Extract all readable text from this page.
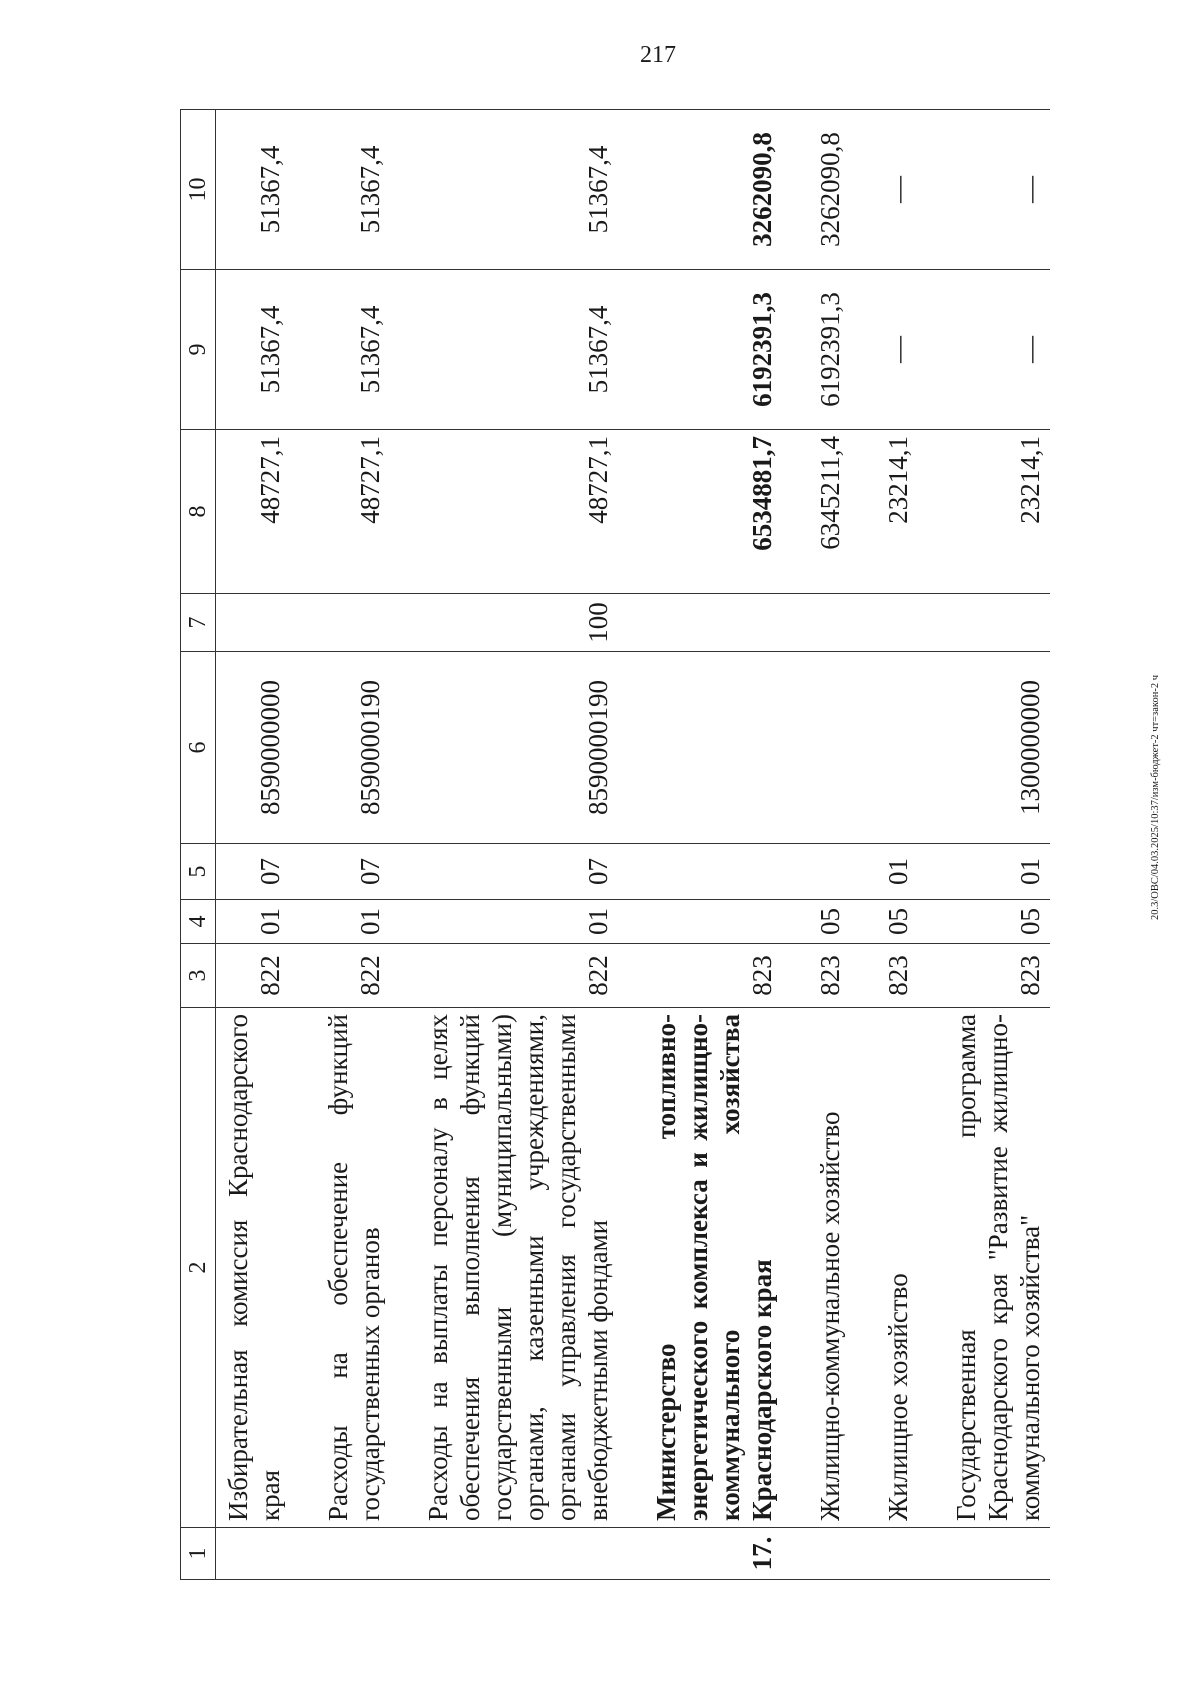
217
20.3/ОВС/04.03.2025/10:37/изм-бюджет-2 чт=закон-2 ч
1	2	3	4	5	6	7	8	9	10
	Избирательная комиссия Краснодарского края	822	01	07	8590000000		48727,1	51367,4	51367,4

	Расходы на обеспечение функций государственных органов	822	01	07	8590000190		48727,1	51367,4	51367,4

	Расходы на выплаты персоналу в целях обеспечения выполнения функций государственными (муниципальными) органами, казенными учреждениями, органами управления государственными внебюджетными фондами	822	01	07	8590000190	100	48727,1	51367,4	51367,4

17.	Министерство топливно-энергетического комплекса и жилищно-коммунального хозяйства Краснодарского края	823					6534881,7	6192391,3	3262090,8

	Жилищно-коммунальное хозяйство	823	05				6345211,4	6192391,3	3262090,8

	Жилищное хозяйство	823	05	01			23214,1	—	—

	Государственная программа Краснодарского края "Развитие жилищно-коммунального хозяйства"	823	05	01	1300000000		23214,1	—	—
